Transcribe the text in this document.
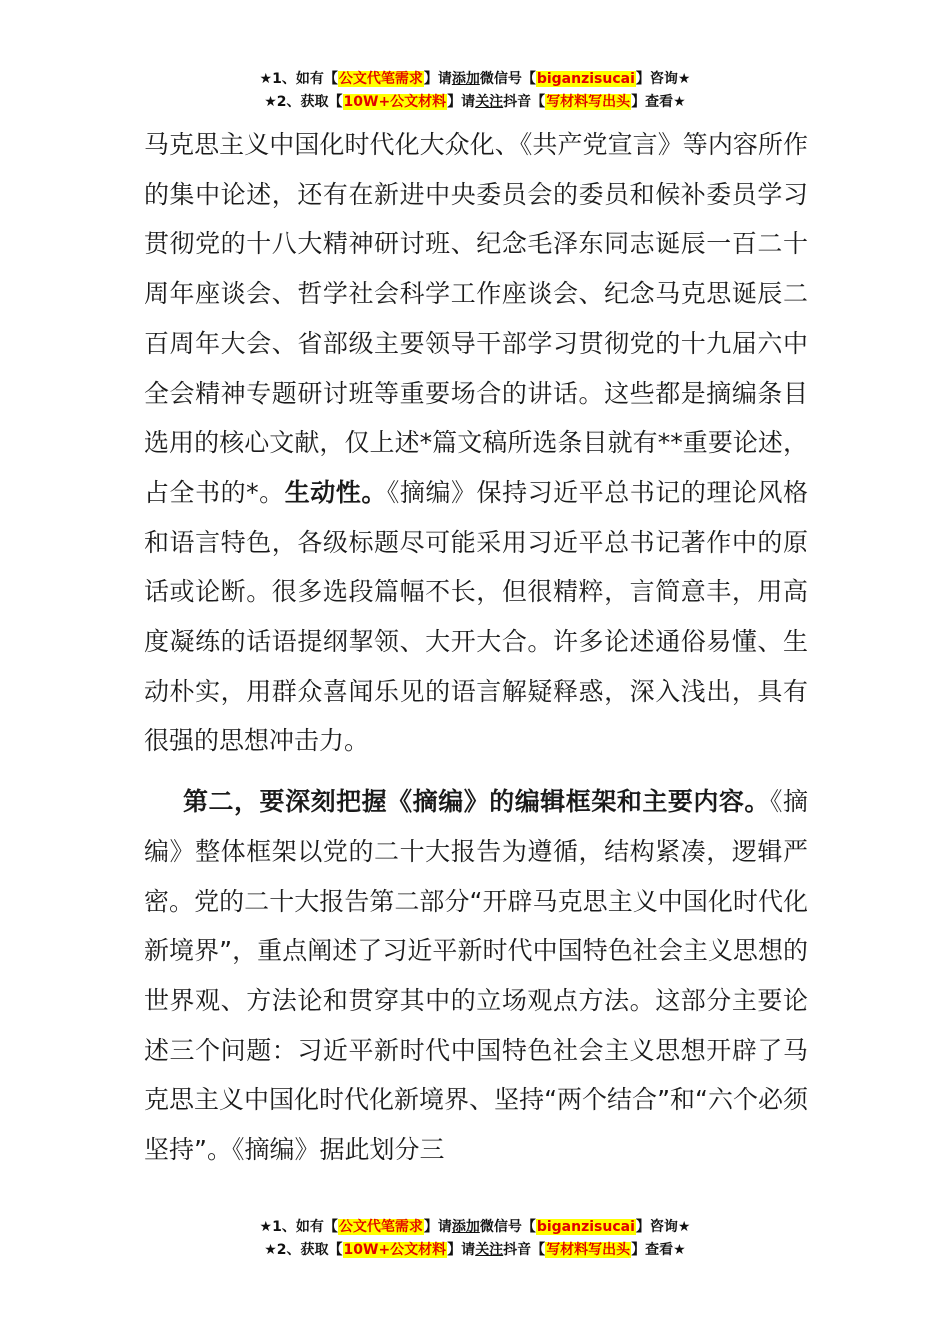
★1、如有【公文代笔需求】请添加微信号【biganzisucai】咨询★
★2、获取【10W+公文材料】请关注抖音【写材料写出头】查看★

马克思主义中国化时代化大众化、《共产党宣言》等内容所作的集中论述，还有在新进中央委员会的委员和候补委员学习贯彻党的十八大精神研讨班、纪念毛泽东同志诞辰一百二十周年座谈会、哲学社会科学工作座谈会、纪念马克思诞辰二百周年大会、省部级主要领导干部学习贯彻党的十九届六中全会精神专题研讨班等重要场合的讲话。这些都是摘编条目选用的核心文献，仅上述*篇文稿所选条目就有**重要论述，占全书的*。生动性。《摘编》保持习近平总书记的理论风格和语言特色，各级标题尽可能采用习近平总书记著作中的原话或论断。很多选段篇幅不长，但很精粹，言简意丰，用高度凝练的话语提纲挈领、大开大合。许多论述通俗易懂、生动朴实，用群众喜闻乐见的语言解疑释惑，深入浅出，具有很强的思想冲击力。

第二，要深刻把握《摘编》的编辑框架和主要内容。《摘编》整体框架以党的二十大报告为遵循，结构紧凑，逻辑严密。党的二十大报告第二部分“开辟马克思主义中国化时代化新境界”，重点阐述了习近平新时代中国特色社会主义思想的世界观、方法论和贯穿其中的立场观点方法。这部分主要论述三个问题：习近平新时代中国特色社会主义思想开辟了马克思主义中国化时代化新境界、坚持“两个结合”和“六个必须坚持”。《摘编》据此划分三

★1、如有【公文代笔需求】请添加微信号【biganzisucai】咨询★
★2、获取【10W+公文材料】请关注抖音【写材料写出头】查看★
